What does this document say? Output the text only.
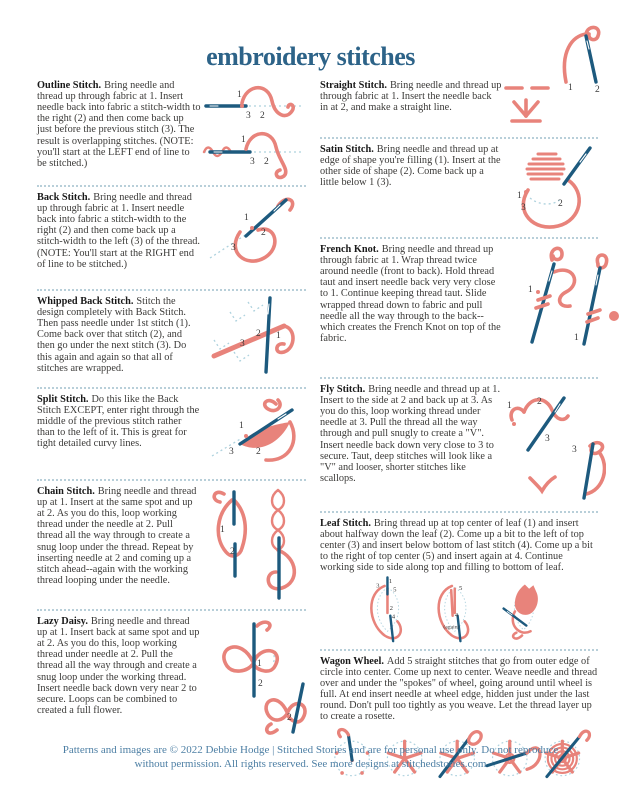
embroidery stitches

Outline Stitch. Bring needle and thread up through fabric at 1. Insert needle back into fabric a stitch-width to the right (2) and then come back up just before the previous stitch (3). The result is overlapping stitches. (NOTE: you'll start at the LEFT end of line to be stitched.)

1
3 2
1
3 2

Back Stitch. Bring needle and thread up through fabric at 1. Insert needle back into fabric a stitch-width to the right (2) and then come back up a stitch-width to the left (3) of the thread. (NOTE: You'll start at the RIGHT end of line to be stitched.)

1
2
3

Whipped Back Stitch. Stitch the design completely with Back Stitch. Then pass needle under 1st stitch (1). Come back over that stitch (2), and then go under the next stitch (3). Do this again and again so that all of stitches are wrapped.

3
2 1

Split Stitch. Do this like the Back Stitch EXCEPT, enter right through the middle of the previous stitch rather than to the left of it. This is great for tight detailed curvy lines.

1
3 2

Chain Stitch. Bring needle and thread up at 1. Insert at the same spot and up at 2. As you do this, loop working thread under the needle at 2. Pull thread all the way through to create a snug loop under the thread. Repeat by inserting needle at 2 and coming up a stitch ahead--again with the working thread looping under the needle.

1
2

Lazy Daisy. Bring needle and thread up at 1. Insert back at same spot and up at 2. As you do this, loop working thread under needle at 2. Pull the thread all the way through and create a snug loop under the working thread. Insert needle back down very near 2 to secure. Loops can be combined to created a full flower.

1
2
2

Straight Stitch. Bring needle and thread up through fabric at 1. Insert the needle back in at 2, and make a straight line.

1 2

Satin Stitch. Bring needle and thread up at edge of shape you're filling (1). Insert at the other side of shape (2). Come back up a little below 1 (3).

1
3	2

French Knot. Bring needle and thread up through fabric at 1. Wrap thread twice around needle (front to back). Hold thread taut and insert needle back very very close to 1. Continue keeping thread taut. Slide wrapped thread down to fabric and pull needle all the way through to the back--which creates the French Knot on top of the fabric.

1
1

Fly Stitch. Bring needle and thread up at 1. Insert to the side at 2 and back up at 3. As you do this, loop working thread under needle at 3. Pull the thread all the way through and pull snugly to create a "V". Insert needle back down very close to 3 to secure. Taut, deep stitches will look like a "V" and looser, shorter stitches like scallops.

1	2
3
3

Leaf Stitch. Bring thread up at top center of leaf (1) and insert about halfway down the leaf (2). Come up a bit to the left of top center (3) and insert below bottom of last stitch (4). Come up a bit to the right of top center (5) and insert again at 4. Continue working side to side along top and filling to bottom of leaf.

1
3
5
2
4
5
4
(again)

Wagon Wheel. Add 5 straight stitches that go from outer edge of circle into center. Come up next to center. Weave needle and thread over and under the "spokes" of wheel, going around until wheel is full. At end insert needle at wheel edge, hidden just under the last round. Don't pull too tightly as you weave. Let the thread layer up to create a rosette.

Patterns and images are © 2022 Debbie Hodge | Stitched Stories and are for personal use only. Do not reproduce
without permission. All rights reserved. See more designs at stitchedstories.com
